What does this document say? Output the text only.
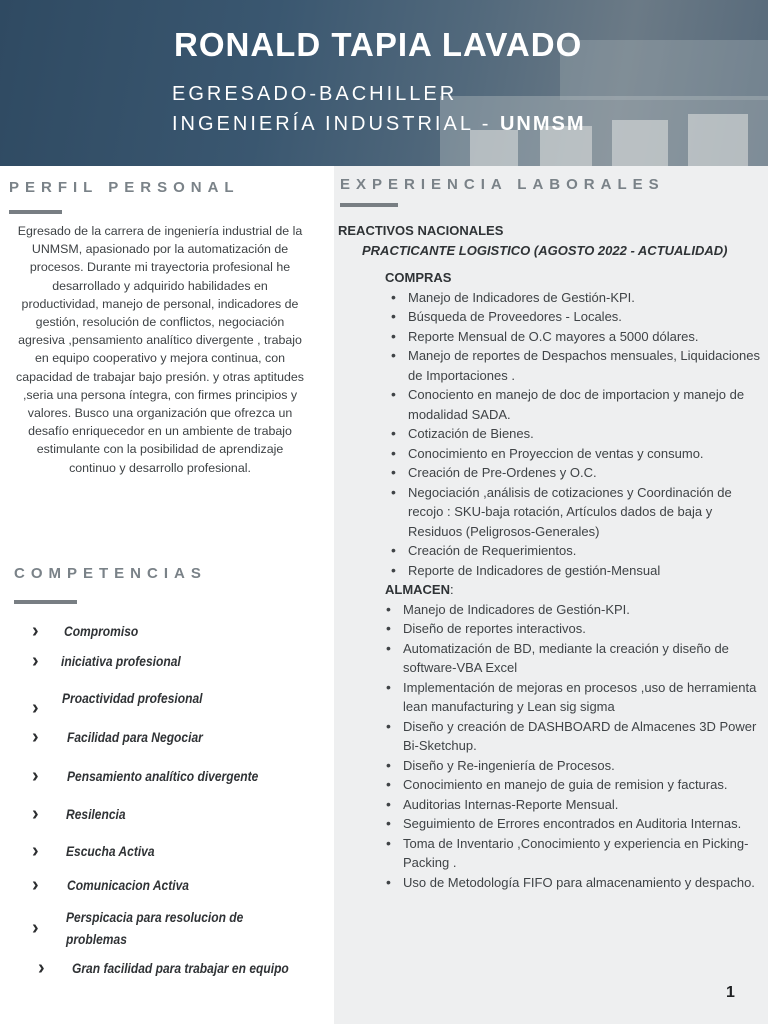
RONALD TAPIA LAVADO
EGRESADO-BACHILLER
INGENIERÍA INDUSTRIAL - UNMSM
PERFIL PERSONAL
Egresado de la carrera de ingeniería industrial de la UNMSM, apasionado por la automatización de procesos. Durante mi trayectoria profesional he desarrollado y adquirido habilidades en productividad, manejo de personal, indicadores de gestión, resolución de conflictos, negociación agresiva ,pensamiento analítico divergente , trabajo en equipo cooperativo y mejora continua, con capacidad de trabajar bajo presión. y otras aptitudes ,seria una persona íntegra, con firmes principios y valores. Busco una organización que ofrezca un desafío enriquecedor en un ambiente de trabajo estimulante con la posibilidad de aprendizaje continuo y desarrollo profesional.
COMPETENCIAS
›	Compromiso
›	iniciativa profesional
›	Proactividad profesional
›	Facilidad para Negociar
›	Pensamiento analítico divergente
›	Resilencia
›	Escucha Activa
›	Comunicacion Activa
›	Perspicacia para resolucion de
problemas
›	Gran facilidad para trabajar en equipo
EXPERIENCIA LABORALES
REACTIVOS NACIONALES
PRACTICANTE LOGISTICO (AGOSTO 2022 - ACTUALIDAD)
COMPRAS
• Manejo de Indicadores de Gestión-KPI.
• Búsqueda de Proveedores - Locales.
• Reporte Mensual de O.C mayores a 5000 dólares.
• Manejo de reportes de Despachos mensuales, Liquidaciones de Importaciones .
• Conociento en manejo de doc de importacion y manejo de modalidad SADA.
• Cotización de Bienes.
• Conocimiento en Proyeccion de ventas y consumo.
• Creación de Pre-Ordenes y O.C.
• Negociación ,análisis de cotizaciones y Coordinación de recojo : SKU-baja rotación, Artículos dados de baja y Residuos (Peligrosos-Generales)
• Creación de Requerimientos.
• Reporte de Indicadores de gestión-Mensual
ALMACEN:
• Manejo de Indicadores de Gestión-KPI.
• Diseño de reportes interactivos.
• Automatización de BD, mediante la creación y diseño de software-VBA Excel
• Implementación de mejoras en procesos ,uso de herramienta lean manufacturing y Lean sig sigma
• Diseño y creación de DASHBOARD de Almacenes 3D Power Bi-Sketchup.
• Diseño y Re-ingeniería de Procesos.
• Conocimiento en manejo de guia de remision y facturas.
• Auditorias Internas-Reporte Mensual.
• Seguimiento de Errores encontrados en Auditoria Internas.
• Toma de Inventario ,Conocimiento y experiencia en Picking-Packing .
• Uso de Metodología FIFO para almacenamiento y despacho.
1
